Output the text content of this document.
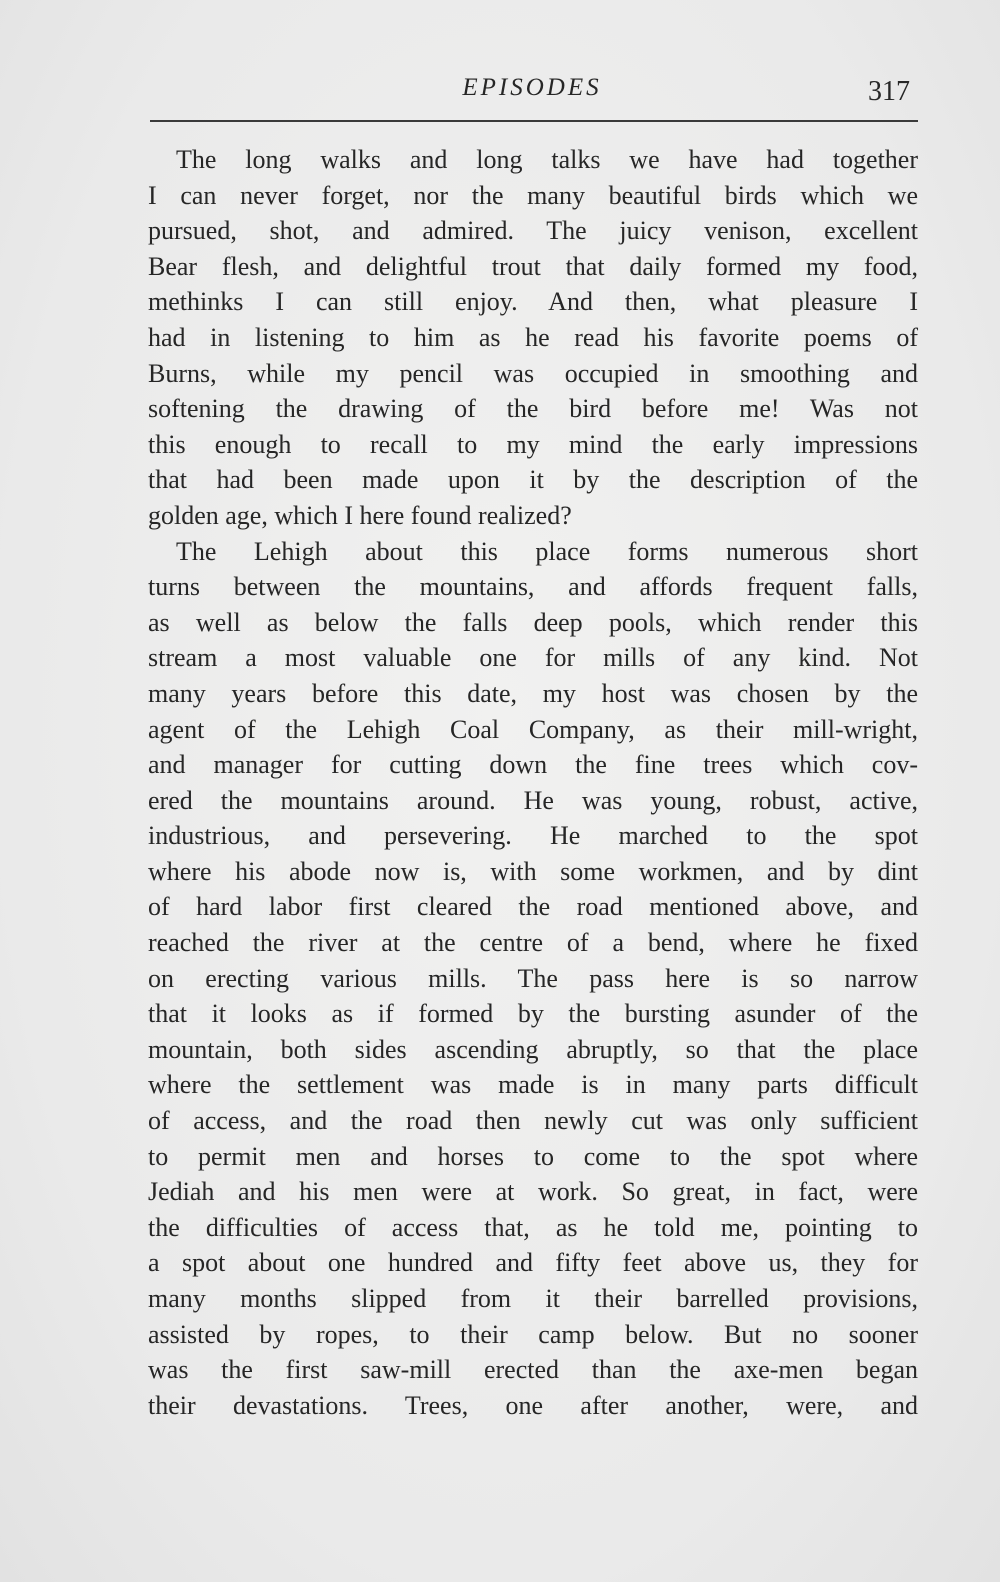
EPISODES	317
The long walks and long talks we have had together
I can never forget, nor the many beautiful birds which we
pursued, shot, and admired. The juicy venison, excellent
Bear flesh, and delightful trout that daily formed my food,
methinks I can still enjoy. And then, what pleasure I
had in listening to him as he read his favorite poems of
Burns, while my pencil was occupied in smoothing and
softening the drawing of the bird before me! Was not
this enough to recall to my mind the early impressions
that had been made upon it by the description of the
golden age, which I here found realized?
The Lehigh about this place forms numerous short
turns between the mountains, and affords frequent falls,
as well as below the falls deep pools, which render this
stream a most valuable one for mills of any kind. Not
many years before this date, my host was chosen by the
agent of the Lehigh Coal Company, as their mill-wright,
and manager for cutting down the fine trees which cov-
ered the mountains around. He was young, robust, active,
industrious, and persevering. He marched to the spot
where his abode now is, with some workmen, and by dint
of hard labor first cleared the road mentioned above, and
reached the river at the centre of a bend, where he fixed
on erecting various mills. The pass here is so narrow
that it looks as if formed by the bursting asunder of the
mountain, both sides ascending abruptly, so that the place
where the settlement was made is in many parts difficult
of access, and the road then newly cut was only sufficient
to permit men and horses to come to the spot where
Jediah and his men were at work. So great, in fact, were
the difficulties of access that, as he told me, pointing to
a spot about one hundred and fifty feet above us, they for
many months slipped from it their barrelled provisions,
assisted by ropes, to their camp below. But no sooner
was the first saw-mill erected than the axe-men began
their devastations. Trees, one after another, were, and
